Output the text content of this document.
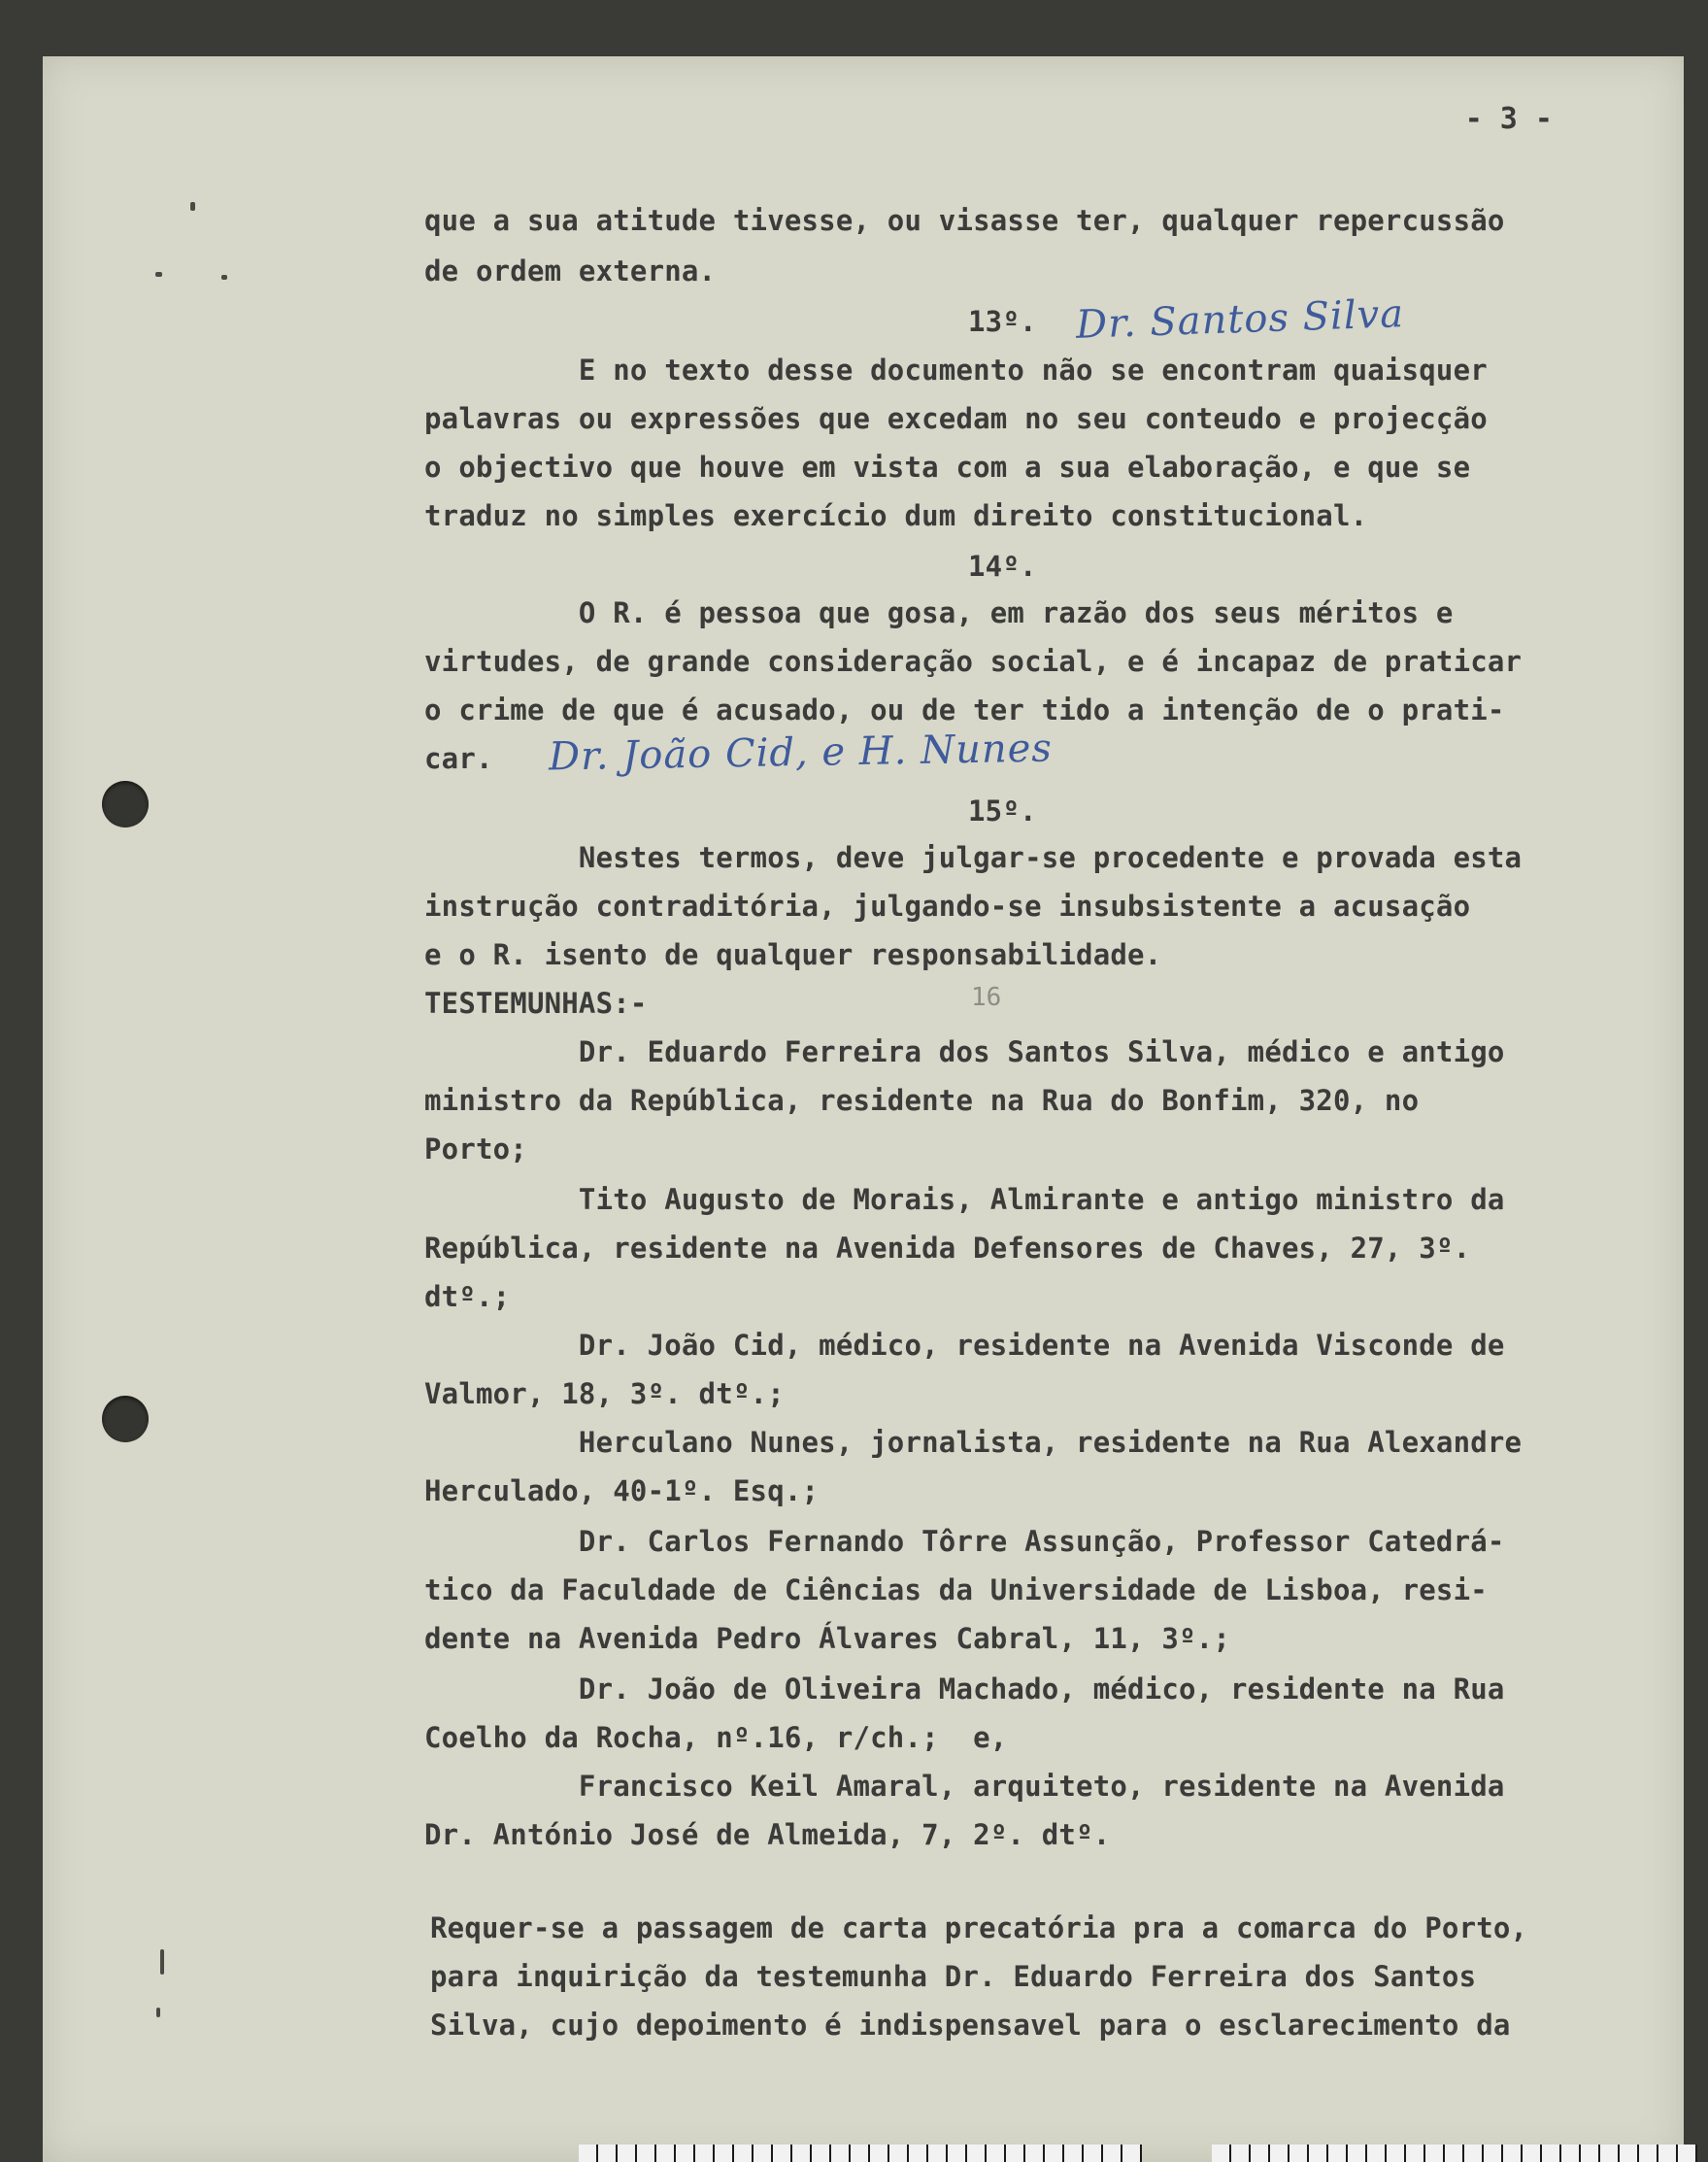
- 3 -

que a sua atitude tivesse, ou visasse ter, qualquer repercussão

de ordem externa.

13º.

E no texto desse documento não se encontram quaisquer

palavras ou expressões que excedam no seu conteudo e projecção

o objectivo que houve em vista com a sua elaboração, e que se

traduz no simples exercício dum direito constitucional.

14º.

O R. é pessoa que gosa, em razão dos seus méritos e

virtudes, de grande consideração social, e é incapaz de praticar

o crime de que é acusado, ou de ter tido a intenção de o prati-

car.

15º.

Nestes termos, deve julgar-se procedente e provada esta

instrução contraditória, julgando-se insubsistente a acusação

e o R. isento de qualquer responsabilidade.

TESTEMUNHAS:-

Dr. Eduardo Ferreira dos Santos Silva, médico e antigo

ministro da República, residente na Rua do Bonfim, 320, no

Porto;

Tito Augusto de Morais, Almirante e antigo ministro da

República, residente na Avenida Defensores de Chaves, 27, 3º.

dtº.;

Dr. João Cid, médico, residente na Avenida Visconde de

Valmor, 18, 3º. dtº.;

Herculano Nunes, jornalista, residente na Rua Alexandre

Herculado, 40-1º. Esq.;

Dr. Carlos Fernando Tôrre Assunção, Professor Catedrá-

tico da Faculdade de Ciências da Universidade de Lisboa, resi-

dente na Avenida Pedro Álvares Cabral, 11, 3º.;

Dr. João de Oliveira Machado, médico, residente na Rua

Coelho da Rocha, nº.16, r/ch.;  e,

Francisco Keil Amaral, arquiteto, residente na Avenida

Dr. António José de Almeida, 7, 2º. dtº.

Requer-se a passagem de carta precatória pra a comarca do Porto,

para inquirição da testemunha Dr. Eduardo Ferreira dos Santos

Silva, cujo depoimento é indispensavel para o esclarecimento da

16
Dr. Santos Silva
Dr. João Cid, e H. Nunes
